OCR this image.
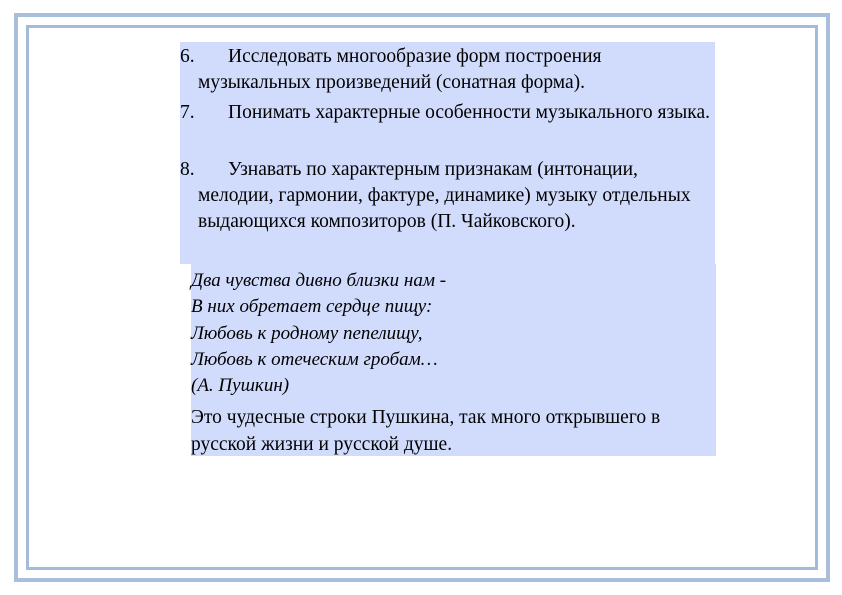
6.	Исследовать многообразие форм построения музыкальных произведений (сонатная форма).
7.	Понимать характерные особенности музыкального языка.
8.	Узнавать по характерным признакам (интонации, мелодии, гармонии, фактуре, динамике) музыку отдельных выдающихся композиторов (П. Чайковского).
Два чувства дивно близки нам -
В них обретает сердце пищу:
Любовь к родному пепелищу,
Любовь к отеческим гробам…
(А. Пушкин)
Это чудесные строки Пушкина, так много открывшего в русской жизни и русской душе.
